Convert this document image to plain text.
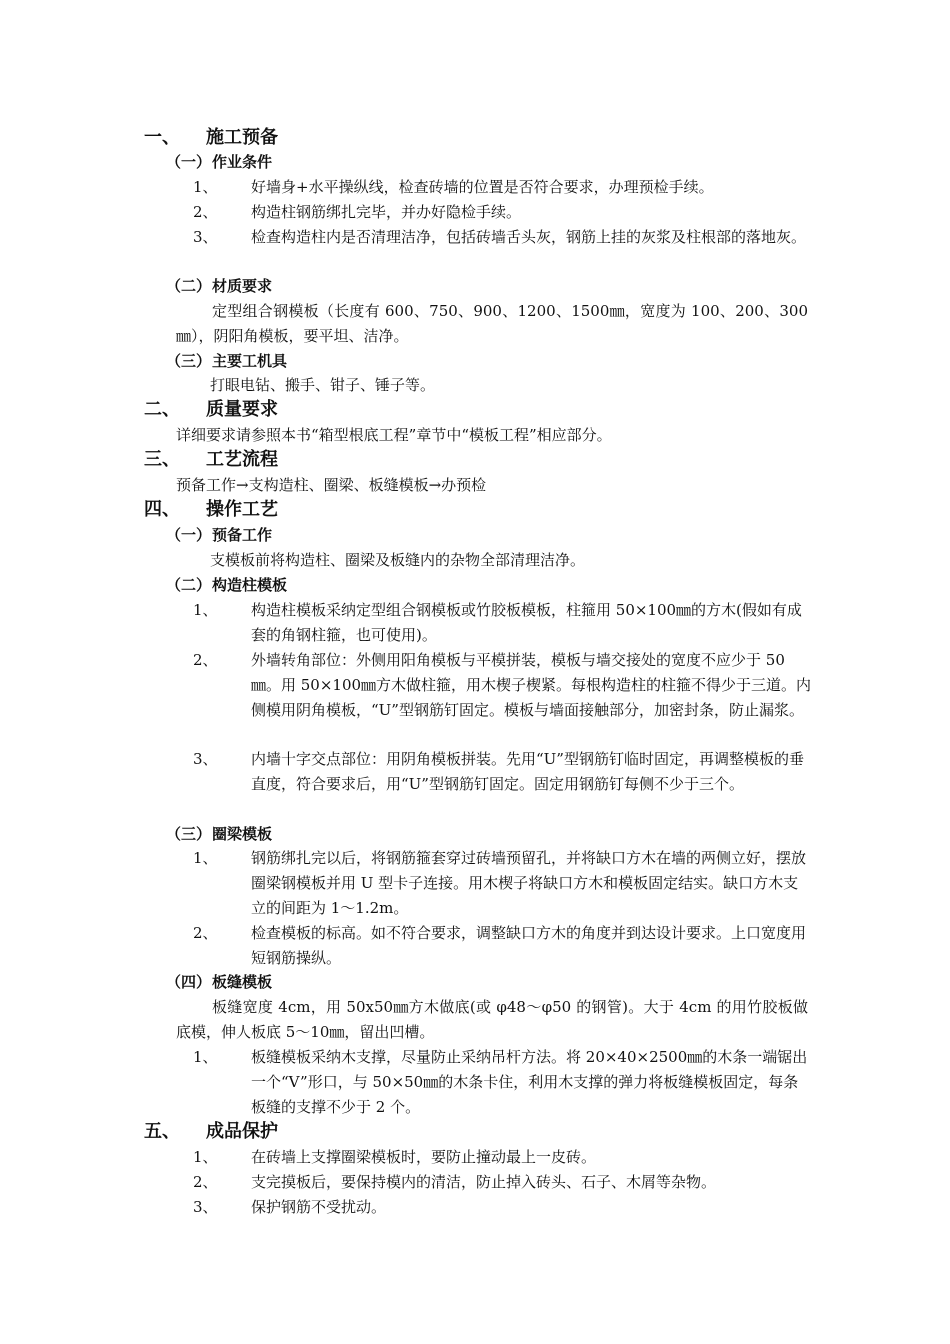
一、 施工预备
（一）作业条件
1、 好墙身+水平操纵线，检查砖墙的位置是否符合要求，办理预检手续。
2、 构造柱钢筋绑扎完毕，并办好隐检手续。
3、 检查构造柱内是否清理洁净，包括砖墙舌头灰，钢筋上挂的灰浆及柱根部的落地灰。
（二）材质要求
定型组合钢模板（长度有 600、750、900、1200、1500㎜，宽度为 100、200、300㎜），阴阳角模板，要平坦、洁净。
（三）主要工机具
打眼电钻、搬手、钳子、锤子等。
二、 质量要求
详细要求请参照本书“箱型根底工程”章节中“模板工程”相应部分。
三、 工艺流程
预备工作→支构造柱、圈梁、板缝模板→办预检
四、 操作工艺
（一）预备工作
支模板前将构造柱、圈梁及板缝内的杂物全部清理洁净。
（二）构造柱模板
1、 构造柱模板采纳定型组合钢模板或竹胶板模板，柱箍用 50×100㎜的方木(假如有成套的角钢柱箍，也可使用)。
2、 外墙转角部位：外侧用阳角模板与平模拼装，模板与墙交接处的宽度不应少于 50㎜。用 50×100㎜方木做柱箍，用木楔子楔紧。每根构造柱的柱箍不得少于三道。内侧模用阴角模板，“U”型钢筋钉固定。模板与墙面接触部分，加密封条，防止漏浆。
3、 内墙十字交点部位：用阴角模板拼装。先用“U”型钢筋钉临时固定，再调整模板的垂直度，符合要求后，用“U”型钢筋钉固定。固定用钢筋钉每侧不少于三个。
（三）圈梁模板
1、 钢筋绑扎完以后，将钢筋箍套穿过砖墙预留孔，并将缺口方木在墙的两侧立好，摆放圈梁钢模板并用 U 型卡子连接。用木楔子将缺口方木和模板固定结实。缺口方木支立的间距为 1～1.2m。
2、 检查模板的标高。如不符合要求，调整缺口方木的角度并到达设计要求。上口宽度用短钢筋操纵。
（四）板缝模板
板缝宽度 4cm，用 50x50㎜方木做底(或 φ48～φ50 的钢管)。大于 4cm 的用竹胶板做底模，伸人板底 5～10㎜，留出凹槽。
1、 板缝模板采纳木支撑，尽量防止采纳吊杆方法。将 20×40×2500㎜的木条一端锯出一个“V”形口，与 50×50㎜的木条卡住，利用木支撑的弹力将板缝模板固定，每条板缝的支撑不少于 2 个。
五、 成品保护
1、 在砖墙上支撑圈梁模板时，要防止撞动最上一皮砖。
2、 支完摸板后，要保持模内的清洁，防止掉入砖头、石子、木屑等杂物。
3、 保护钢筋不受扰动。
